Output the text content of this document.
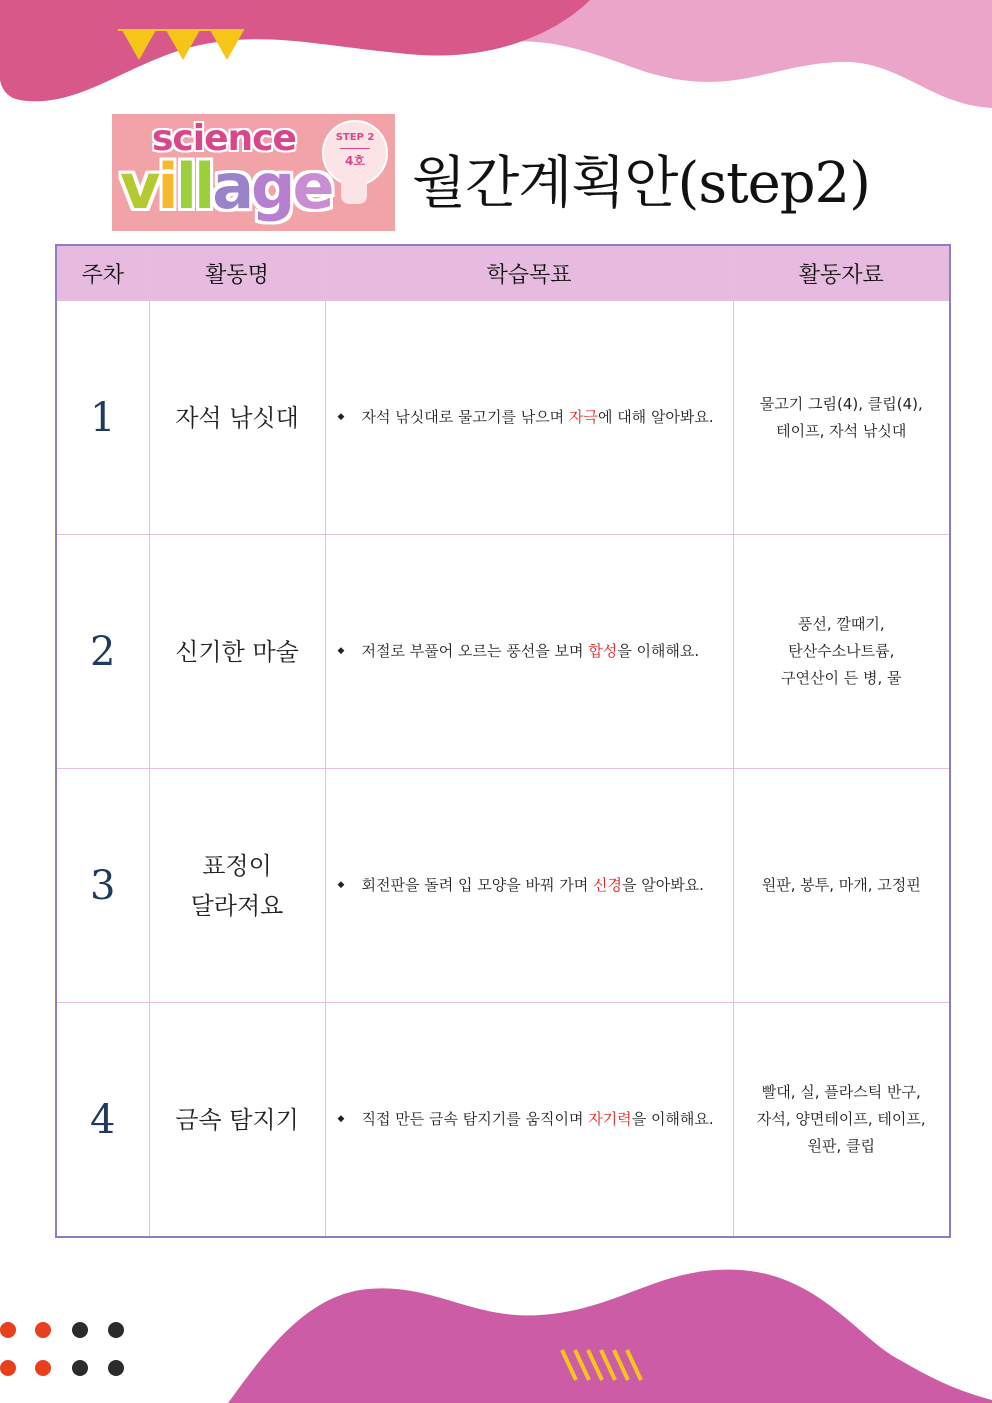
science
village
STEP 2
4호 월간계획안(step2)
주차	활동명	학습목표	활동자료
1	자석 낚싯대	◆ 자석 낚싯대로 물고기를 낚으며 자극에 대해 알아봐요.	물고기 그림(4), 클립(4),
테이프, 자석 낚싯대

2	신기한 마술	◆ 저절로 부풀어 오르는 풍선을 보며 합성을 이해해요.	풍선, 깔때기,
탄산수소나트륨,
구연산이 든 병, 물

3	표정이
달라져요	◆ 회전판을 돌려 입 모양을 바꿔 가며 신경을 알아봐요.	원판, 봉투, 마개, 고정핀

4	금속 탐지기	◆ 직접 만든 금속 탐지기를 움직이며 자기력을 이해해요.	빨대, 실, 플라스틱 반구,
자석, 양면테이프, 테이프,
원판, 클립
